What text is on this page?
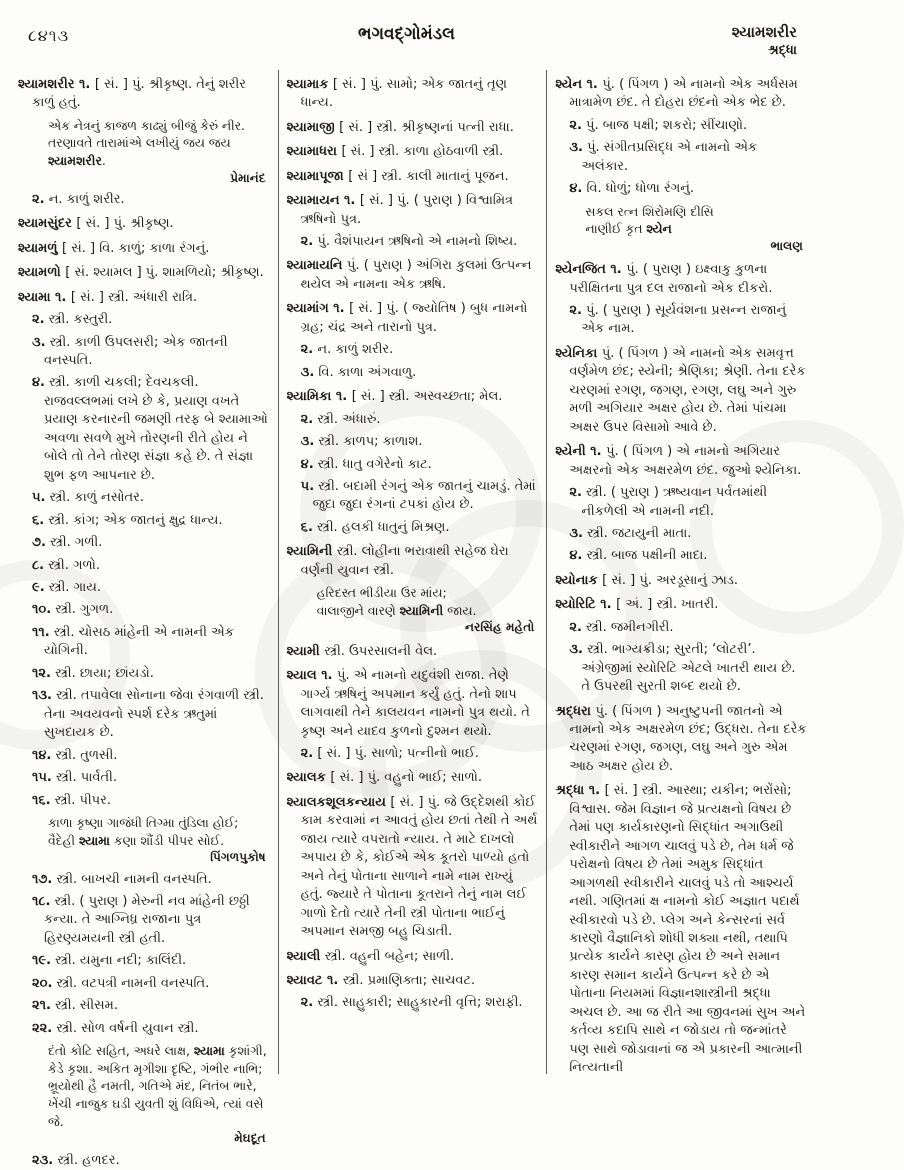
૮૪૧૩	ભગવદ્ગોમંડલ	શ્યામશરીર
શ્રદ્ધા
શ્યામશરીર ૧. [ સં. ] પું. શ્રીકૃષ્ણ. તેનું શરીર કાળું હતું.
એક નેત્રનું કાજળ કાઢ્યું બીજું કેરું નીર.
તરણાવતે તારામાંએ લખીયું જય જય શ્યામશરીર.
પ્રેમાનંદ
૨. ન. કાળું શરીર.
શ્યામસુંદર [ સં. ] પું. શ્રીકૃષ્ણ.
શ્યામળું [ સં. ] વિ. કાળું; કાળા રંગનું.
શ્યામળો [ સં. શ્યામલ ] પું. શામળિયો; શ્રીકૃષ્ણ.
શ્યામા ૧. [ સં. ] સ્ત્રી. અંધારી રાત્રિ.
૨. સ્ત્રી. કસ્તુરી.
૩. સ્ત્રી. કાળી ઉપલસરી; એક જાતની વનસ્પતિ.
૪. સ્ત્રી. કાળી ચકલી; દેવચકલી. રાજવલ્લભમાં લખે છે કે, પ્રયાણ વખતે પ્રયાણ કરનારની જમણી તરફ બે શ્યામાઓ અવળા સવળે મુખે તોરણની રીતે હોય ને બોલે તો તેને તોરણ સંજ્ઞા કહે છે. તે સંજ્ઞા શુભ ફળ આપનાર છે.
૫. સ્ત્રી. કાળું નસોતર.
૬. સ્ત્રી. કાંગ; એક જાતનું ક્ષુદ્ર ધાન્ય.
૭. સ્ત્રી. ગળી.
૮. સ્ત્રી. ગળો.
૯. સ્ત્રી. ગાય.
૧૦. સ્ત્રી. ગુગળ.
૧૧. સ્ત્રી. ચોસઠ માંહેની એ નામની એક યોગિની.
૧૨. સ્ત્રી. છાયા; છાંયડો.
૧૩. સ્ત્રી. તપાવેલા સોનાના જેવા રંગવાળી સ્ત્રી. તેના અવયવનો સ્પર્શ દરેક ઋતુમાં સુખદાયક છે.
૧૪. સ્ત્રી. તુળસી.
૧૫. સ્ત્રી. પાર્વતી.
૧૬. સ્ત્રી. પીપર.
કાળા કૃષ્ણા ગાજંધી તિગ્મા તુંડિલા હોઈ;
વૈદેહી શ્યામા કણા શૌંડી પીપર સોઈ.
પિંગળપુકોષ
૧૭. સ્ત્રી. બાખચી નામની વનસ્પતિ.
૧૮. સ્ત્રી. ( પુરાણ ) મેરુની નવ માંહેની છઠ્ઠી કન્યા. તે આગ્નિધ્ર રાજાના પુત્ર હિરણ્યમયની સ્ત્રી હતી.
૧૯. સ્ત્રી. યમુના નદી; કાલિંદી.
૨૦. સ્ત્રી. વટપત્રી નામની વનસ્પતિ.
૨૧. સ્ત્રી. સીસમ.
૨૨. સ્ત્રી. સોળ વર્ષની યુવાન સ્ત્રી.
દંતો કોટિ સહિત, અધરે લાક્ષ, શ્યામા કૃશાંગી,
કેડે કૃશા. અકિત મૃગીશા દૃષ્ટિ, ગંભીર નાભિ;
ભ્રૂયોથી હૈ નમતી, ગતિએ મંદ, નિતંબ ભારે,
ખેંચી નાજુક ઘડી યુવતી શું વિધિએ, ત્યાં વસે જે.
મેઘદૂત
૨૩. સ્ત્રી. હળદર.
શ્યામાક [ સં. ] પું. સામો; એક જાતનું તૃણ ધાન્ય.
શ્યામાજી [ સં. ] સ્ત્રી. શ્રીકૃષ્ણનાં પત્ની રાધા.
શ્યામાધરા [ સં. ] સ્ત્રી. કાળા હોઠવાળી સ્ત્રી.
શ્યામાપૂજા [ સં ] સ્ત્રી. કાલી માતાનું પૂજન.
શ્યામાયન ૧. [ સં. ] પું. ( પુરાણ ) વિશ્વામિત્ર ઋષિનો પુત્ર.
૨. પું. વૈશંપાયન ઋષિનો એ નામનો શિષ્ય.
શ્યામાયનિ પું. ( પુરાણ ) અંગિરા કુલમાં ઉત્પન્ન થયેલ એ નામના એક ઋષિ.
શ્યામાંગ ૧. [ સં. ] પું. ( જ્યોતિષ ) બુધ નામનો ગ્રહ; ચંદ્ર અને તારાનો પુત્ર.
૨. ન. કાળું શરીર.
૩. વિ. કાળા અંગવાળુ.
શ્યામિકા ૧. [ સં. ] સ્ત્રી. અસ્વચ્છતા; મેલ.
૨. સ્ત્રી. અંધારું.
૩. સ્ત્રી. કાળપ; કાળાશ.
૪. સ્ત્રી. ધાતુ વગેરેનો કાટ.
૫. સ્ત્રી. બદામી રંગનું એક જાતનું ચામડું. તેમાં જુદા જુદા રંગનાં ટપકાં હોય છે.
૬. સ્ત્રી. હલકી ધાતુનું મિશ્રણ.
શ્યામિની સ્ત્રી. લોહીના ભરાવાથી સહેજ ઘેરા વર્ણની યુવાન સ્ત્રી.
હરિદસ્ત ભીડીયા ઉર માંય;
વાલાજીને વારણે શ્યામિની જાય.
નરસિંહ મહેતો
શ્યામી સ્ત્રી. ઉપરસાલની વેલ.
શ્યાલ ૧. પું. એ નામનો યદુવંશી રાજા. તેણે ગાર્ગ્ય ઋષિનું અપમાન કર્યું હતું. તેનો શાપ લાગવાથી તેને કાલયવન નામનો પુત્ર થયો. તે કૃષ્ણ અને યાદવ કુળનો દુશ્મન થયો.
૨. [ સં. ] પું. સાળો; પત્નીનો ભાઈ.
શ્યાલક [ સં. ] પું. વહુનો ભાઈ; સાળો.
શ્યાલકશૂલકન્યાય [ સં. ] પું. જે ઉદ્દેશથી કોઈ કામ કરવામાં ન આવતું હોય છતાં તેથી તે અર્થ જાય ત્યારે વપરાતો ન્યાય. તે માટે દાખલો અપાય છે કે, કોઈએ એક કૂતરો પાળ્યો હતો અને તેનું પોતાના સાળાને નામે નામ રાખ્યું હતું. જ્યારે તે પોતાના કૂતરાને તેનું નામ લઈ ગાળો દેતો ત્યારે તેની સ્ત્રી પોતાના ભાઈનું અપમાન સમજી બહુ ચિડાતી.
શ્યાલી સ્ત્રી. વહુની બહેન; સાળી.
શ્યાવટ ૧. સ્ત્રી. પ્રમાણિક્તા; સાચવટ.
૨. સ્ત્રી. સાહુકારી; સાહુકારની વૃત્તિ; શરાફી.
શ્યેન ૧. પું. ( પિંગળ ) એ નામનો એક અર્ધસમ માત્રામેળ છંદ. તે દોહરા છંદનો એક ભેદ છે.
૨. પું. બાજ પક્ષી; શકરો; સીંચાણો.
૩. પું. સંગીતપ્રસિદ્ધ એ નામનો એક અલંકાર.
૪. વિ. ધોળું; ધોળા રંગનું.
સકલ રત્ન શિરોમણિ દીસિ
નાણીઈ કૃત શ્યેન
ભાલણ
શ્યેનજિત ૧. પું. ( પુરાણ ) ઇક્ષ્વાકુ કુળના પરીક્ષિતના પુત્ર દલ રાજાનો એક દીકરો.
૨. પું. ( પુરાણ ) સૂર્યવંશના પ્રસન્ન રાજાનું એક નામ.
શ્યેનિકા પું. ( પિંગળ ) એ નામનો એક સમવૃત્ત વર્ણમેળ છંદ; સ્યેની; શ્રેણિકા; શ્રેણી. તેના દરેક ચરણમાં રગણ, જગણ, રગણ, લઘુ અને ગુરુ મળી અગિયાર અક્ષર હોય છે. તેમાં પાંચમા અક્ષર ઉપર વિસામો આવે છે.
શ્યેની ૧. પું. ( પિંગળ ) એ નામનો અગિયાર અક્ષરનો એક અક્ષરમેળ છંદ. જુઓ શ્યેનિકા.
૨. સ્ત્રી. ( પુરાણ ) ઋષ્યવાન પર્વતમાંથી નીકળેલી એ નામની નદી.
૩. સ્ત્રી. જટાયુની માતા.
૪. સ્ત્રી. બાજ પક્ષીની માદા.
શ્યોનાક [ સં. ] પું. અરડૂસાનું ઝાડ.
શ્યોરિટિ ૧. [ અં. ] સ્ત્રી. ખાતરી.
૨. સ્ત્રી. જમીનગીરી.
૩. સ્ત્રી. ભાગ્યક્રીડા; સુરતી; ‘લોટરી’. અંગ્રેજીમાં સ્યોરિટિ એટલે ખાતરી થાય છે. તે ઉપરથી સુરતી શબ્દ થયો છે.
શ્રદ્ધરા પું. ( પિંગળ ) અનુષ્ટુપની જાતનો એ નામનો એક અક્ષરમેળ છંદ; ઉદ્ધરા. તેના દરેક ચરણમાં રગણ, જગણ, લઘુ અને ગુરુ એમ આઠ અક્ષર હોય છે.
શ્રદ્ધા ૧. [ સં. ] સ્ત્રી. આસ્થા; યકીન; ભરોંસો; વિશ્વાસ. જેમ વિજ્ઞાન જે પ્રત્યક્ષનો વિષય છે તેમાં પણ કાર્યકારણનો સિદ્ધાંત અગાઉથી સ્વીકારીને આગળ ચાલવું પડે છે, તેમ ધર્મ જે પરોક્ષનો વિષય છે તેમાં અમુક સિદ્ધાંત આગળથી સ્વીકારીને ચાલવું પડે તો આશ્ચર્ય નથી. ગણિતમાં ક્ષ નામનો કોઈ અજ્ઞાત પદાર્થ સ્વીકારવો પડે છે. પ્લેગ અને કેન્સરનાં સર્વ કારણો વૈજ્ઞાનિકો શોધી શક્યા નથી, તથાપિ પ્રત્યેક કાર્યને કારણ હોય છે અને સમાન કારણ સમાન કાર્યને ઉત્પન્ન કરે છે એ પોતાના નિયમમાં વિજ્ઞાનશાસ્ત્રીની શ્રદ્ધા અચલ છે. આ જ રીતે આ જીવનમાં સુખ અને કર્તવ્ય કદાપિ સાથે ન જોડાય તો જન્માંતરે પણ સાથે જોડાવાનાં જ એ પ્રકારની આત્માની નિત્યતાની
